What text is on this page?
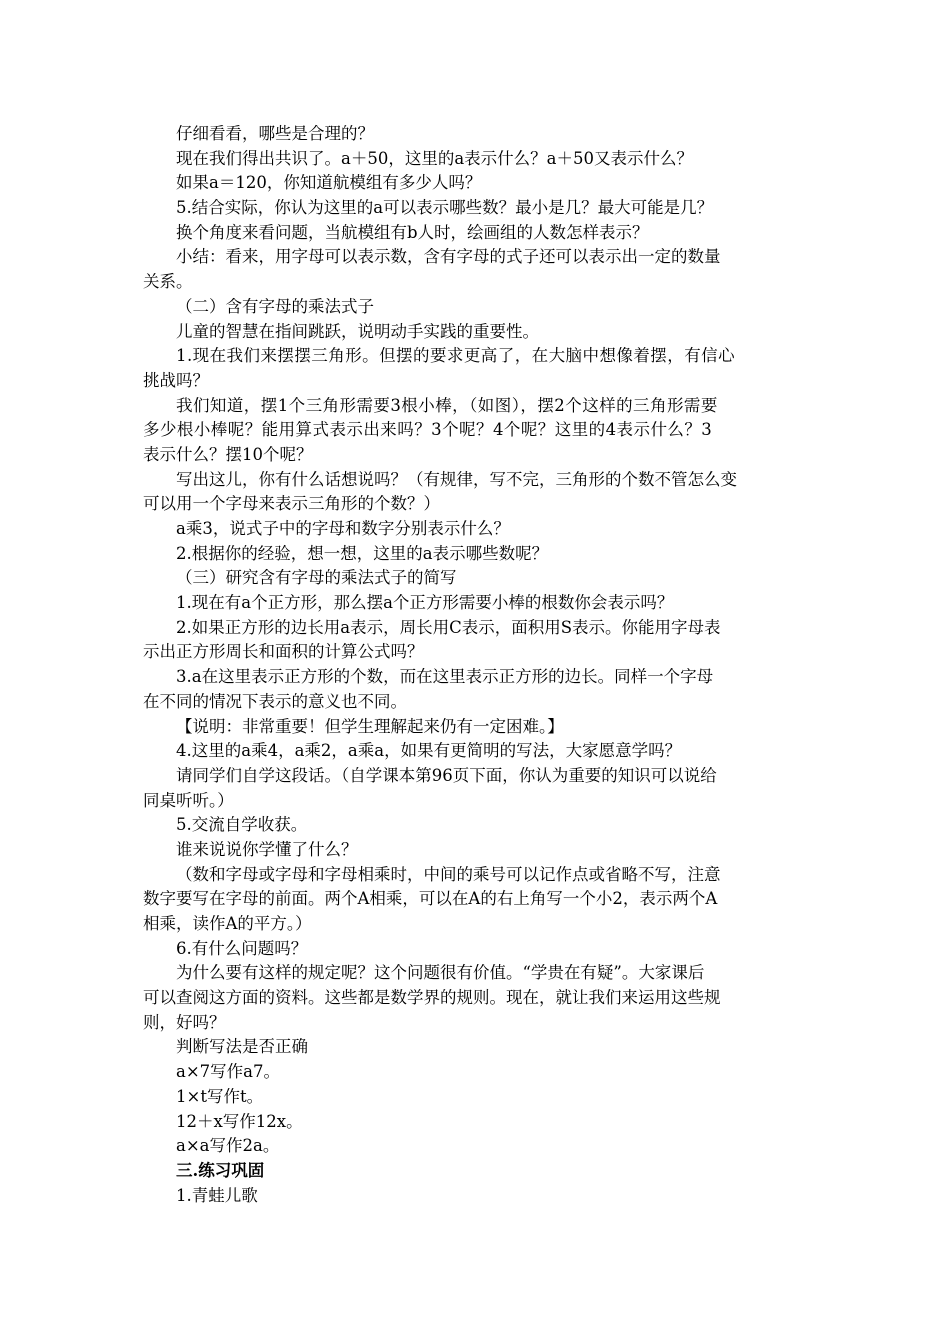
仔细看看，哪些是合理的？
现在我们得出共识了。a＋50，这里的a表示什么？a＋50又表示什么？
如果a＝120，你知道航模组有多少人吗？
5.结合实际，你认为这里的a可以表示哪些数？最小是几？最大可能是几？
换个角度来看问题，当航模组有b人时，绘画组的人数怎样表示？
小结：看来，用字母可以表示数，含有字母的式子还可以表示出一定的数量
关系。
（二）含有字母的乘法式子
儿童的智慧在指间跳跃，说明动手实践的重要性。
1.现在我们来摆摆三角形。但摆的要求更高了，在大脑中想像着摆，有信心
挑战吗？
我们知道，摆1个三角形需要3根小棒，（如图），摆2个这样的三角形需要
多少根小棒呢？能用算式表示出来吗？3个呢？4个呢？这里的4表示什么？3
表示什么？摆10个呢？
写出这儿，你有什么话想说吗？（有规律，写不完，三角形的个数不管怎么变
可以用一个字母来表示三角形的个数？）
a乘3，说式子中的字母和数字分别表示什么？
2.根据你的经验，想一想，这里的a表示哪些数呢？
（三）研究含有字母的乘法式子的简写
1.现在有a个正方形，那么摆a个正方形需要小棒的根数你会表示吗？
2.如果正方形的边长用a表示，周长用C表示，面积用S表示。你能用字母表
示出正方形周长和面积的计算公式吗？
3.a在这里表示正方形的个数，而在这里表示正方形的边长。同样一个字母
在不同的情况下表示的意义也不同。
【说明：非常重要！但学生理解起来仍有一定困难。】
4.这里的a乘4，a乘2，a乘a，如果有更简明的写法，大家愿意学吗？
请同学们自学这段话。（自学课本第96页下面，你认为重要的知识可以说给
同桌听听。）
5.交流自学收获。
谁来说说你学懂了什么？
（数和字母或字母和字母相乘时，中间的乘号可以记作点或省略不写，注意
数字要写在字母的前面。两个A相乘，可以在A的右上角写一个小2，表示两个A
相乘，读作A的平方。）
6.有什么问题吗？
为什么要有这样的规定呢？这个问题很有价值。“学贵在有疑”。大家课后
可以查阅这方面的资料。这些都是数学界的规则。现在，就让我们来运用这些规
则，好吗？
判断写法是否正确
a×7写作a7。
1×t写作t。
12＋x写作12x。
a×a写作2a。
三.练习巩固
1.青蛙儿歌
